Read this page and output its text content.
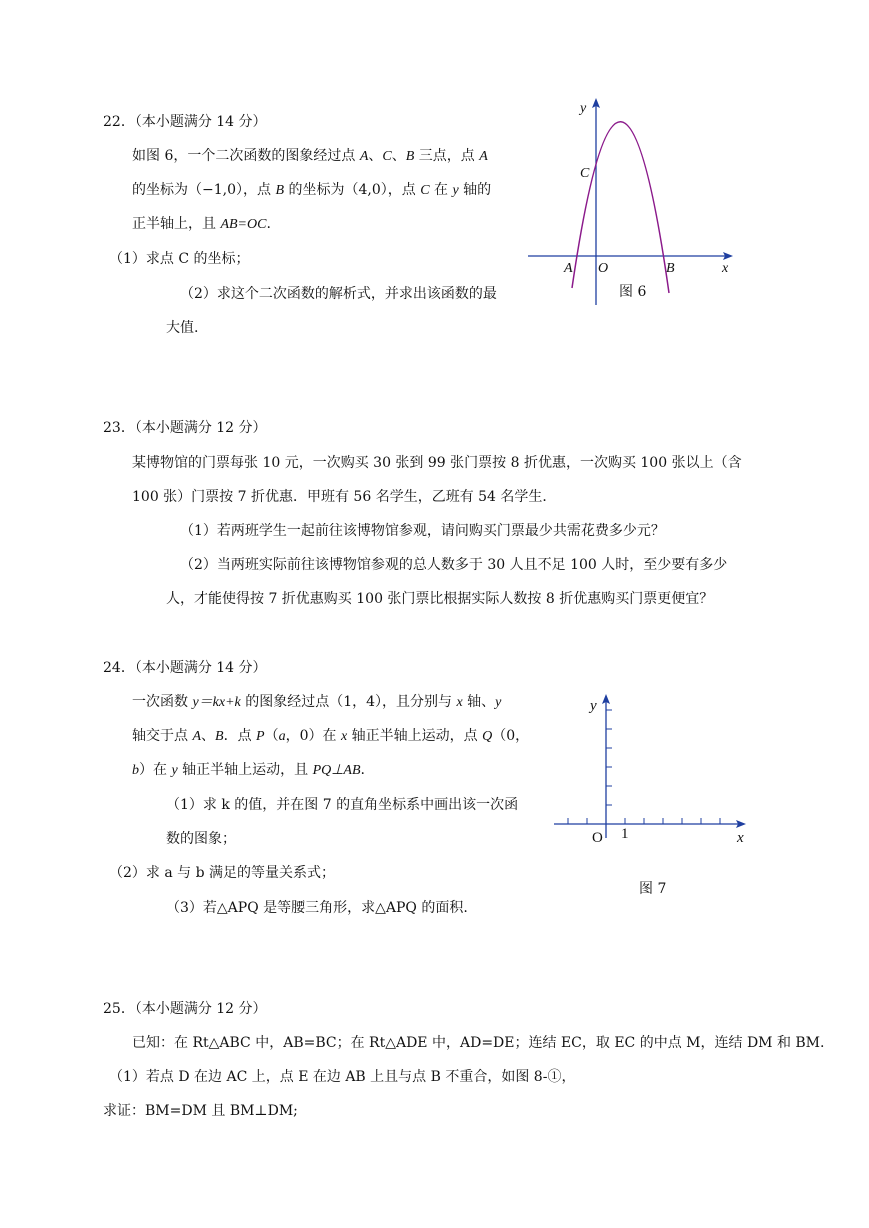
22．（本小题满分 14 分）
如图 6，一个二次函数的图象经过点 A、C、B 三点，点 A
的坐标为（−1,0），点 B 的坐标为（4,0），点 C 在 y 轴的
正半轴上，且 AB=OC.
（1）求点 C 的坐标；
（2）求这个二次函数的解析式，并求出该函数的最
大值.
y
C
A O	B	x
图 6
23．（本小题满分 12 分）
某博物馆的门票每张 10 元，一次购买 30 张到 99 张门票按 8 折优惠，一次购买 100 张以上（含
100 张）门票按 7 折优惠．甲班有 56 名学生，乙班有 54 名学生．
（1）若两班学生一起前往该博物馆参观，请问购买门票最少共需花费多少元？
（2）当两班实际前往该博物馆参观的总人数多于 30 人且不足 100 人时，至少要有多少
人，才能使得按 7 折优惠购买 100 张门票比根据实际人数按 8 折优惠购买门票更便宜？
24．（本小题满分 14 分）
一次函数 y＝kx+k 的图象经过点（1，4），且分别与 x 轴、y
轴交于点 A、B．点 P（a，0）在 x 轴正半轴上运动，点 Q（0，
b）在 y 轴正半轴上运动，且 PQ⊥AB.
（1）求 k 的值，并在图 7 的直角坐标系中画出该一次函
数的图象；
（2）求 a 与 b 满足的等量关系式；
（3）若△APQ 是等腰三角形，求△APQ 的面积.
y
O 1	x
图 7
25．（本小题满分 12 分）
已知：在 Rt△ABC 中，AB=BC；在 Rt△ADE 中，AD=DE；连结 EC，取 EC 的中点 M，连结 DM 和 BM.
（1）若点 D 在边 AC 上，点 E 在边 AB 上且与点 B 不重合，如图 8-①，
求证：BM=DM 且 BM⊥DM;
